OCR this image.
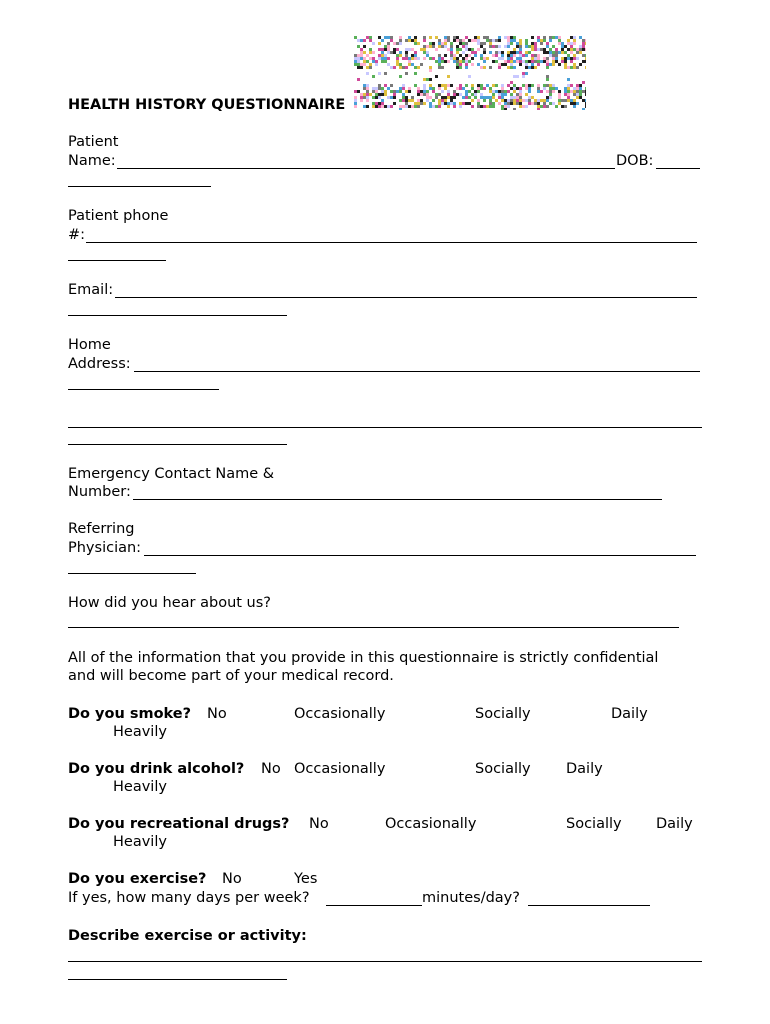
HEALTH HISTORY QUESTIONNAIRE
Patient
Name:	DOB:
Patient phone
#:
Email:
Home
Address:
Emergency Contact Name &
Number:
Referring
Physician:
How did you hear about us?
All of the information that you provide in this questionnaire is strictly confidential
and will become part of your medical record.
Do you smoke? No	Occasionally	Socially	Daily
Heavily
Do you drink alcohol? No Occasionally	Socially Daily
Heavily
Do you recreational drugs? No	Occasionally	Socially Daily
Heavily
Do you exercise? No	Yes
If yes, how many days per week?	minutes/day?
Describe exercise or activity:
